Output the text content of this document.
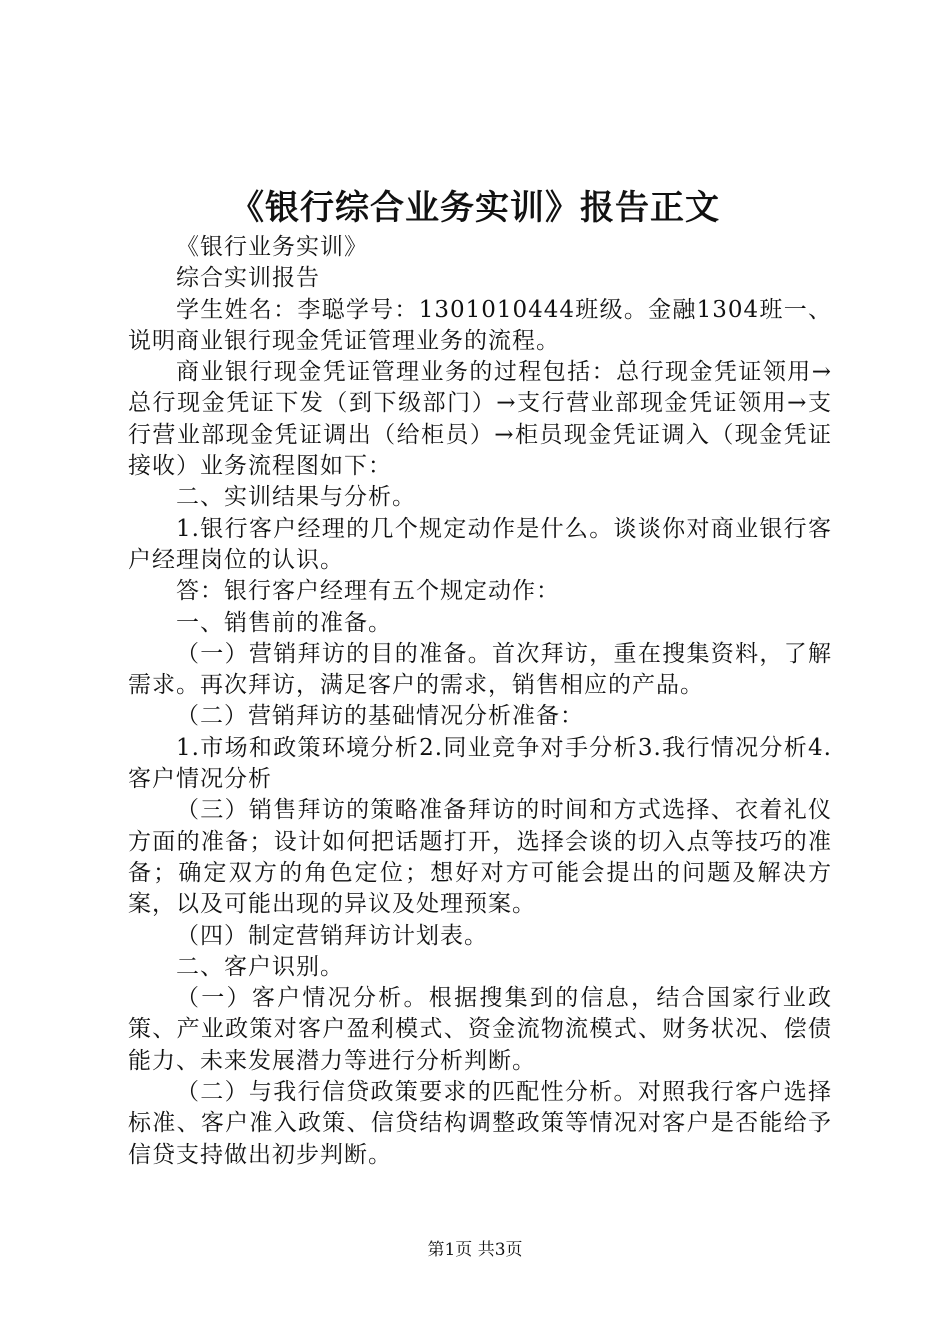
《银行综合业务实训》报告正文

《银行业务实训》

综合实训报告

学生姓名：李聪学号：1301010444班级。金融1304班一、说明商业银行现金凭证管理业务的流程。

商业银行现金凭证管理业务的过程包括：总行现金凭证领用→总行现金凭证下发（到下级部门）→支行营业部现金凭证领用→支行营业部现金凭证调出（给柜员）→柜员现金凭证调入（现金凭证接收）业务流程图如下：

二、实训结果与分析。

1.银行客户经理的几个规定动作是什么。谈谈你对商业银行客户经理岗位的认识。

答：银行客户经理有五个规定动作：

一、销售前的准备。

（一）营销拜访的目的准备。首次拜访，重在搜集资料，了解需求。再次拜访，满足客户的需求，销售相应的产品。

（二）营销拜访的基础情况分析准备：

1.市场和政策环境分析2.同业竞争对手分析3.我行情况分析4.客户情况分析

（三）销售拜访的策略准备拜访的时间和方式选择、衣着礼仪方面的准备；设计如何把话题打开，选择会谈的切入点等技巧的准备；确定双方的角色定位；想好对方可能会提出的问题及解决方案，以及可能出现的异议及处理预案。

（四）制定营销拜访计划表。

二、客户识别。

（一）客户情况分析。根据搜集到的信息，结合国家行业政策、产业政策对客户盈利模式、资金流物流模式、财务状况、偿债能力、未来发展潜力等进行分析判断。

（二）与我行信贷政策要求的匹配性分析。对照我行客户选择标准、客户准入政策、信贷结构调整政策等情况对客户是否能给予信贷支持做出初步判断。

第1页 共3页
